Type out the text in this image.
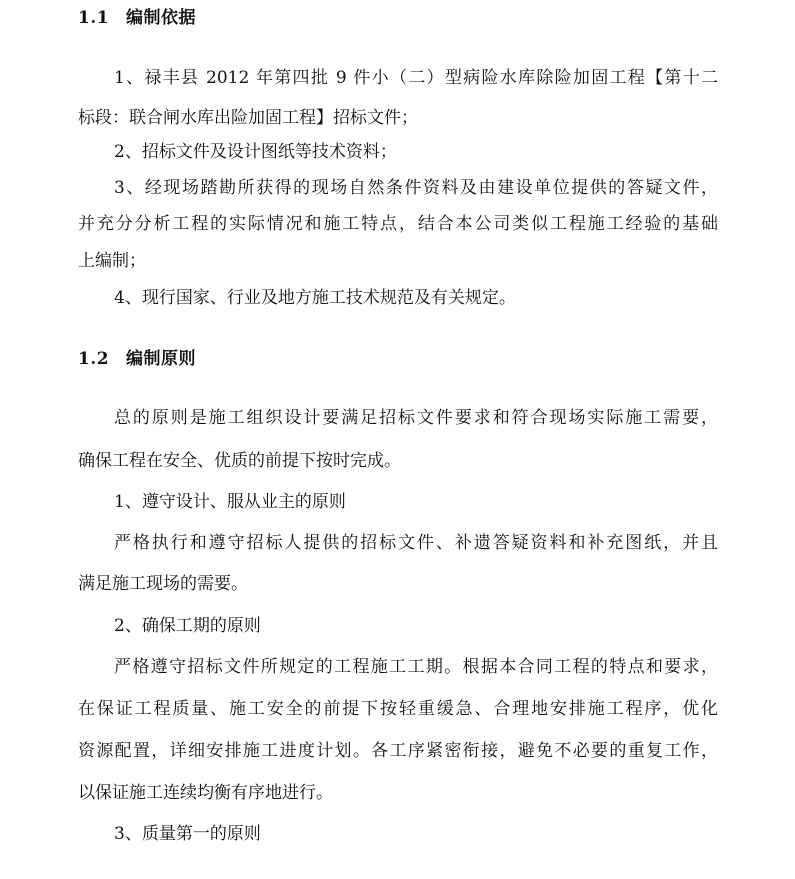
1.1 编制依据
1、禄丰县 2012 年第四批 9 件小（二）型病险水库除险加固工程【第十二
标段：联合闸水库出险加固工程】招标文件；
2、招标文件及设计图纸等技术资料；
3、经现场踏勘所获得的现场自然条件资料及由建设单位提供的答疑文件，
并充分分析工程的实际情况和施工特点，结合本公司类似工程施工经验的基础
上编制；
4、现行国家、行业及地方施工技术规范及有关规定。
1.2 编制原则
总的原则是施工组织设计要满足招标文件要求和符合现场实际施工需要，
确保工程在安全、优质的前提下按时完成。
1、遵守设计、服从业主的原则
严格执行和遵守招标人提供的招标文件、补遗答疑资料和补充图纸，并且
满足施工现场的需要。
2、确保工期的原则
严格遵守招标文件所规定的工程施工工期。根据本合同工程的特点和要求，
在保证工程质量、施工安全的前提下按轻重缓急、合理地安排施工程序，优化
资源配置，详细安排施工进度计划。各工序紧密衔接，避免不必要的重复工作，
以保证施工连续均衡有序地进行。
3、质量第一的原则
